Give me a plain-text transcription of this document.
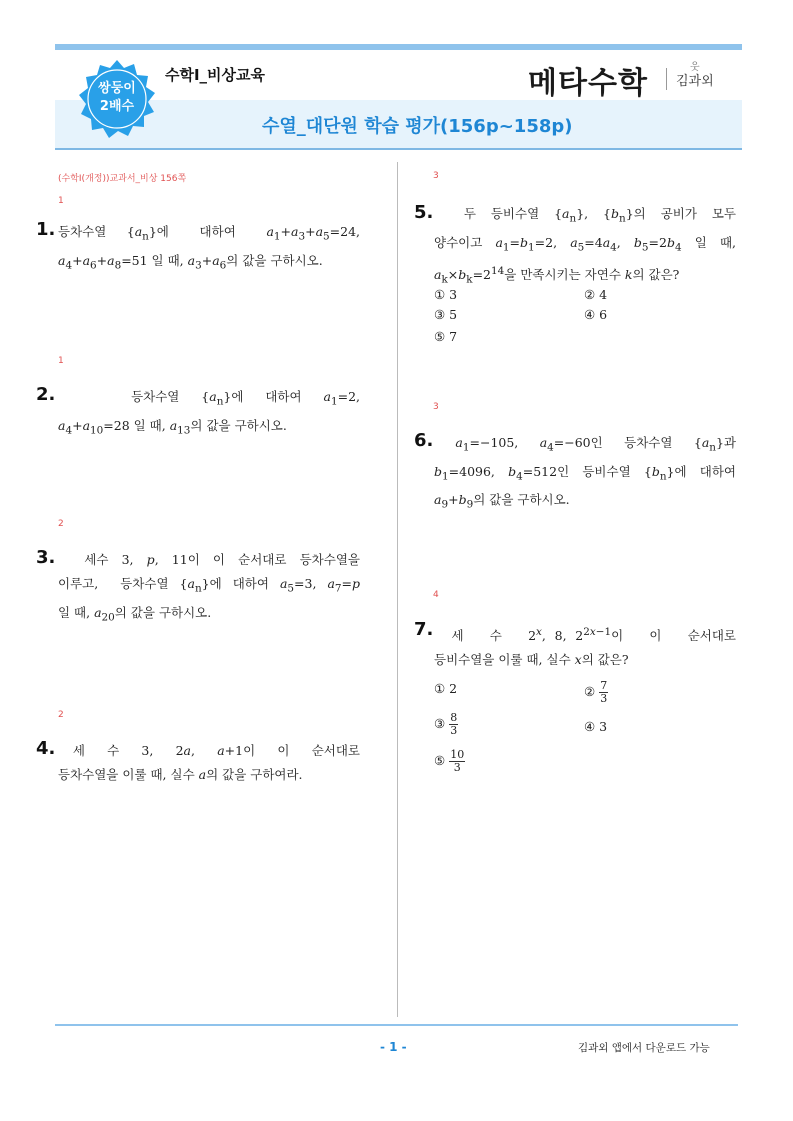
쌍둥이
2배수
수학Ⅰ_비상교육
수열_대단원 학습 평가(156p~158p)
메타수학	웃
김과외
(수학Ⅰ(개정))교과서_비상 156쪽
1
1. 등차수열  $\{a_n\}$에   대하여   $a_1+a_3+a_5=24$,
$a_4+a_6+a_8=51$ 일 때, $a_3+a_6$의 값을 구하시오.
1
2. 등차수열   $\{a_n\}$에   대하여   $a_1=2$,
$a_4+a_{10}=28$ 일 때, $a_{13}$의 값을 구하시오.
2
3. 세수 3, p, 11이 이 순서대로 등차수열을
이루고,  등차수열 $\{a_n\}$에 대하여 $a_5=3$, $a_7=p$
일 때, $a_{20}$의 값을 구하시오.
2
4. 세   수   3,   2a,   a+1이   이   순서대로
등차수열을 이룰 때, 실수 a의 값을 구하여라.
3
5. 두 등비수열 $\{a_n\}$, $\{b_n\}$의 공비가 모두
양수이고 $a_1=b_1=2$, $a_5=4a_4$, $b_5=2b_4$ 일 때,
$a_k\times b_k=2^{14}$을 만족시키는 자연수 k의 값은?
① 3	② 4
③ 5	④ 6
⑤ 7
3
6.	$a_1=-105$,  $a_4=-60$인  등차수열  $\{a_n\}$과
$b_1=4096$, $b_4=512$인 등비수열 $\{b_n\}$에 대하여
$a_9+b_9$의 값을 구하시오.
4
7. 세   수   2$^x$, 8, $2^{2x-1}$이   이   순서대로
등비수열을 이룰 때, 실수 x의 값은?
① 2	② $\frac{7}{3}$
③ $\frac{8}{3}$	④ 3
⑤ $\frac{10}{3}$
- 1 -	김과외 앱에서 다운로드 가능
